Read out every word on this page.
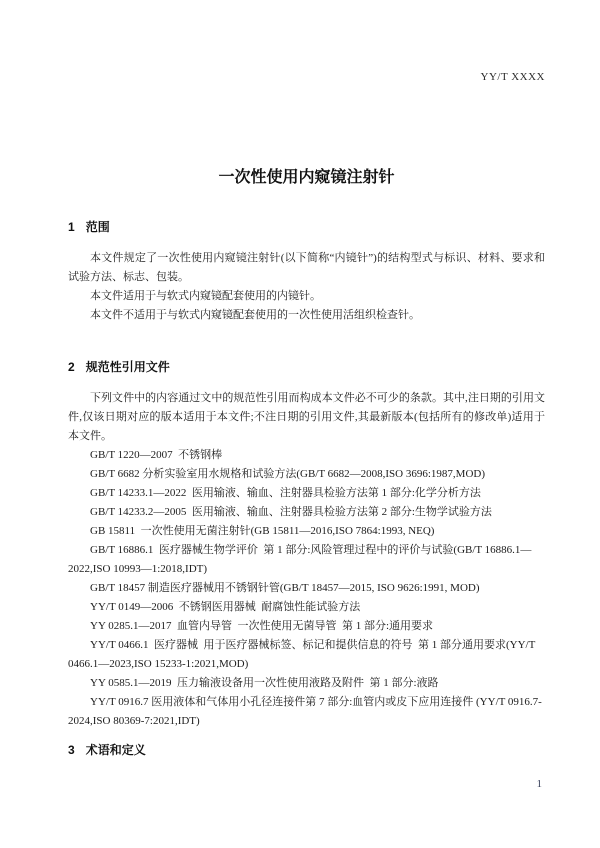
YY/T XXXX
一次性使用内窥镜注射针
1 范围

本文件规定了一次性使用内窥镜注射针(以下简称“内镜针”)的结构型式与标识、材料、要求和试验方法、标志、包装。

本文件适用于与软式内窥镜配套使用的内镜针。

本文件不适用于与软式内窥镜配套使用的一次性使用活组织检查针。

2 规范性引用文件

下列文件中的内容通过文中的规范性引用而构成本文件必不可少的条款。其中,注日期的引用文件,仅该日期对应的版本适用于本文件;不注日期的引用文件,其最新版本(包括所有的修改单)适用于本文件。

GB/T 1220—2007  不锈钢棒

GB/T 6682 分析实验室用水规格和试验方法(GB/T 6682—2008,ISO 3696:1987,MOD)

GB/T 14233.1—2022  医用输液、输血、注射器具检验方法第 1 部分:化学分析方法

GB/T 14233.2—2005  医用输液、输血、注射器具检验方法第 2 部分:生物学试验方法

GB 15811  一次性使用无菌注射针(GB 15811—2016,ISO 7864:1993, NEQ)

GB/T 16886.1  医疗器械生物学评价  第 1 部分:风险管理过程中的评价与试验(GB/T 16886.1—2022,ISO 10993—1:2018,IDT)

GB/T 18457 制造医疗器械用不锈钢针管(GB/T 18457—2015, ISO 9626:1991, MOD)

YY/T 0149—2006  不锈钢医用器械  耐腐蚀性能试验方法

YY 0285.1—2017  血管内导管  一次性使用无菌导管  第 1 部分:通用要求

YY/T 0466.1  医疗器械  用于医疗器械标签、标记和提供信息的符号  第 1 部分通用要求(YY/T 0466.1—2023,ISO 15233-1:2021,MOD)

YY 0585.1—2019  压力输液设备用一次性使用液路及附件  第 1 部分:液路

YY/T 0916.7 医用液体和气体用小孔径连接件第 7 部分:血管内或皮下应用连接件 (YY/T 0916.7-2024,ISO 80369-7:2021,IDT)

3 术语和定义
1
